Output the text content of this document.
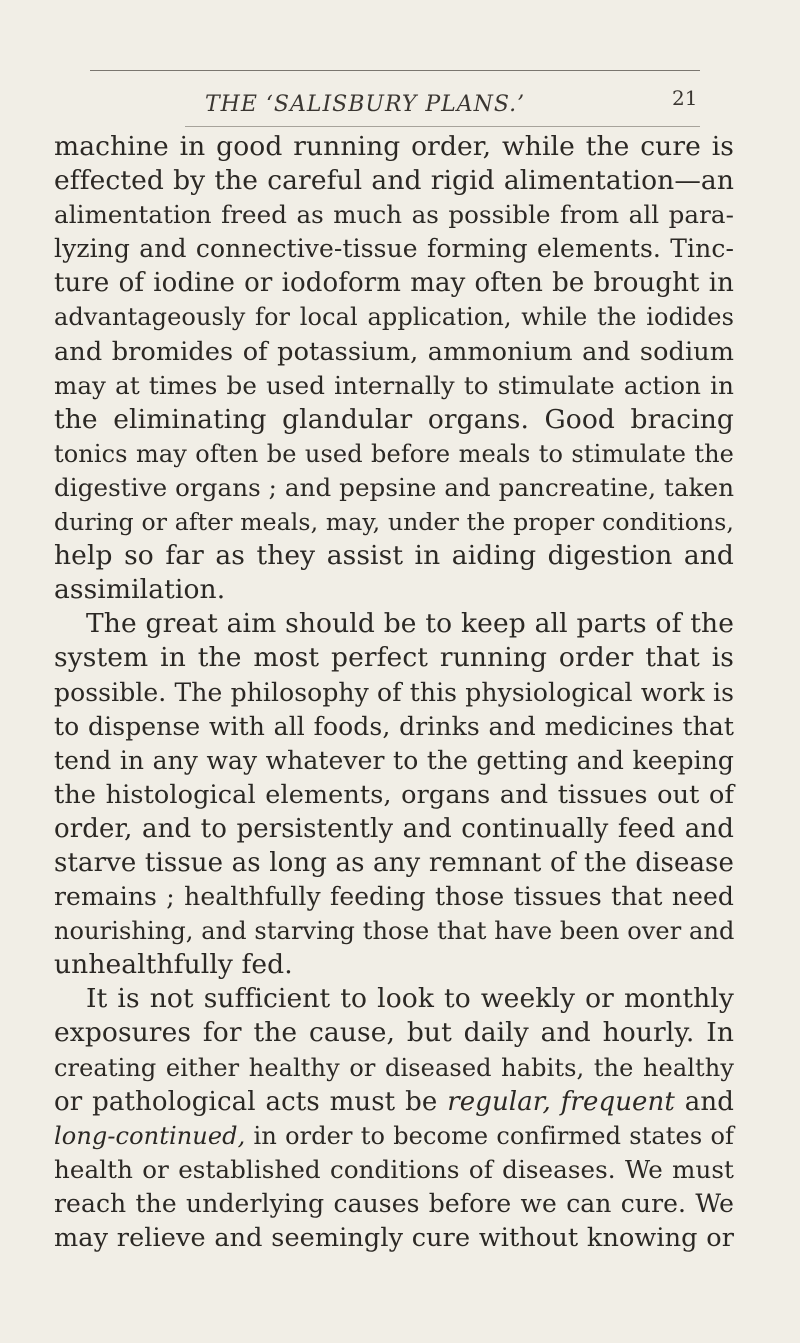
THE ‘SALISBURY PLANS.’	21
machine in good running order, while the cure is
effected by the careful and rigid alimentation—an
alimentation freed as much as possible from all para-
lyzing and connective-tissue forming elements. Tinc-
ture of iodine or iodoform may often be brought in
advantageously for local application, while the iodides
and bromides of potassium, ammonium and sodium
may at times be used internally to stimulate action in
the eliminating glandular organs. Good bracing
tonics may often be used before meals to stimulate the
digestive organs ; and pepsine and pancreatine, taken
during or after meals, may, under the proper conditions,
help so far as they assist in aiding digestion and
assimilation.
The great aim should be to keep all parts of the
system in the most perfect running order that is
possible. The philosophy of this physiological work is
to dispense with all foods, drinks and medicines that
tend in any way whatever to the getting and keeping
the histological elements, organs and tissues out of
order, and to persistently and continually feed and
starve tissue as long as any remnant of the disease
remains ; healthfully feeding those tissues that need
nourishing, and starving those that have been over and
unhealthfully fed.
It is not sufficient to look to weekly or monthly
exposures for the cause, but daily and hourly. In
creating either healthy or diseased habits, the healthy
or pathological acts must be regular, frequent and
long-continued, in order to become confirmed states of
health or established conditions of diseases. We must
reach the underlying causes before we can cure. We
may relieve and seemingly cure without knowing or
